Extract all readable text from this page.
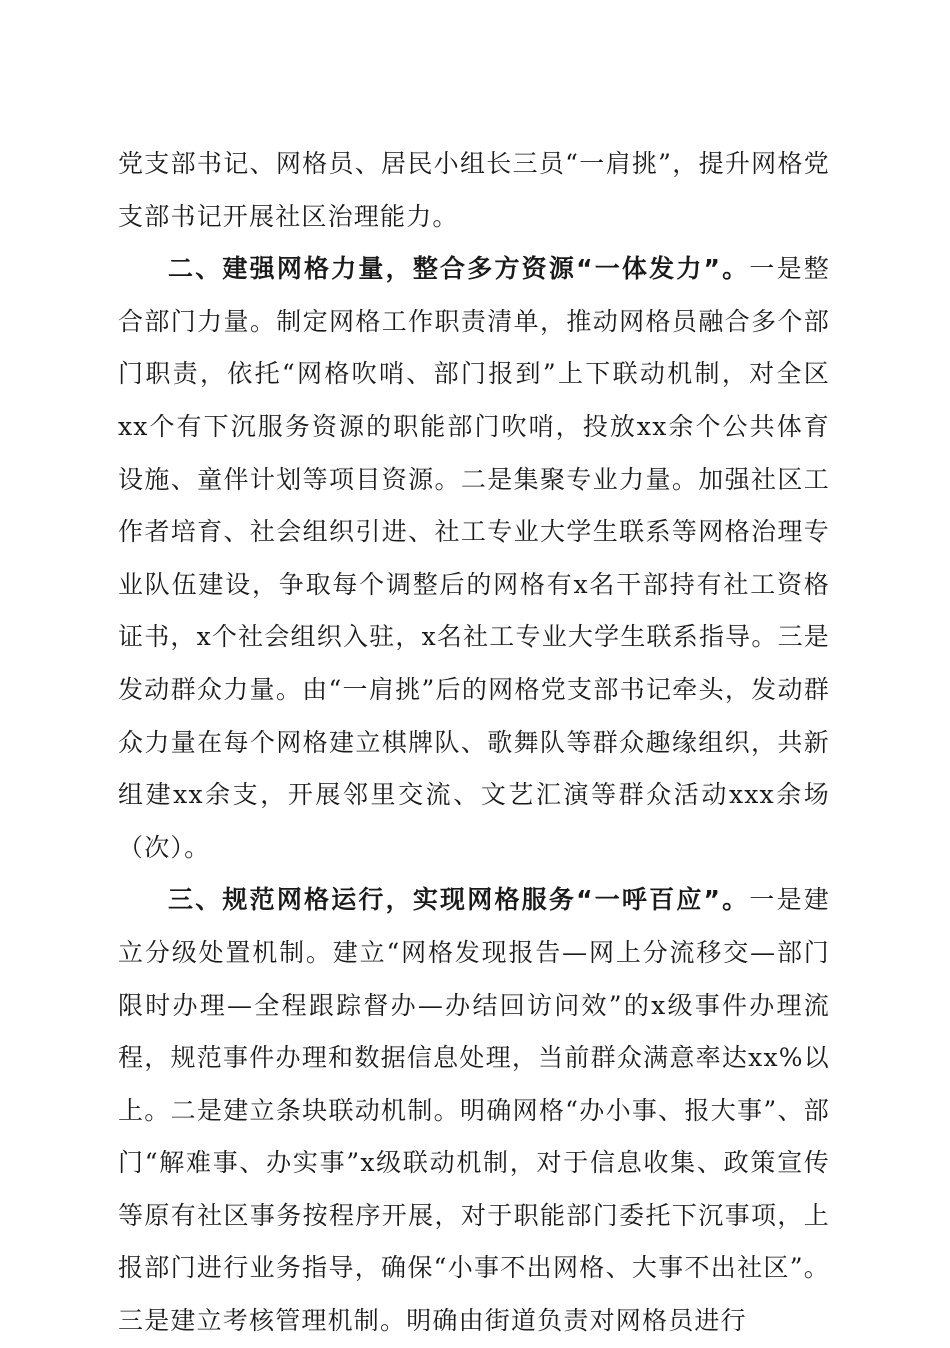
党支部书记、网格员、居民小组长三员“一肩挑”，提升网格党支部书记开展社区治理能力。

二、建强网格力量，整合多方资源“一体发力”。一是整合部门力量。制定网格工作职责清单，推动网格员融合多个部门职责，依托“网格吹哨、部门报到”上下联动机制，对全区xx个有下沉服务资源的职能部门吹哨，投放xx余个公共体育设施、童伴计划等项目资源。二是集聚专业力量。加强社区工作者培育、社会组织引进、社工专业大学生联系等网格治理专业队伍建设，争取每个调整后的网格有x名干部持有社工资格证书，x个社会组织入驻，x名社工专业大学生联系指导。三是发动群众力量。由“一肩挑”后的网格党支部书记牵头，发动群众力量在每个网格建立棋牌队、歌舞队等群众趣缘组织，共新组建xx余支，开展邻里交流、文艺汇演等群众活动xxx余场（次）。

三、规范网格运行，实现网格服务“一呼百应”。一是建立分级处置机制。建立“网格发现报告—网上分流移交—部门限时办理—全程跟踪督办—办结回访问效”的x级事件办理流程，规范事件办理和数据信息处理，当前群众满意率达xx%以上。二是建立条块联动机制。明确网格“办小事、报大事”、部门“解难事、办实事”x级联动机制，对于信息收集、政策宣传等原有社区事务按程序开展，对于职能部门委托下沉事项，上报部门进行业务指导，确保“小事不出网格、大事不出社区”。三是建立考核管理机制。明确由街道负责对网格员进行
